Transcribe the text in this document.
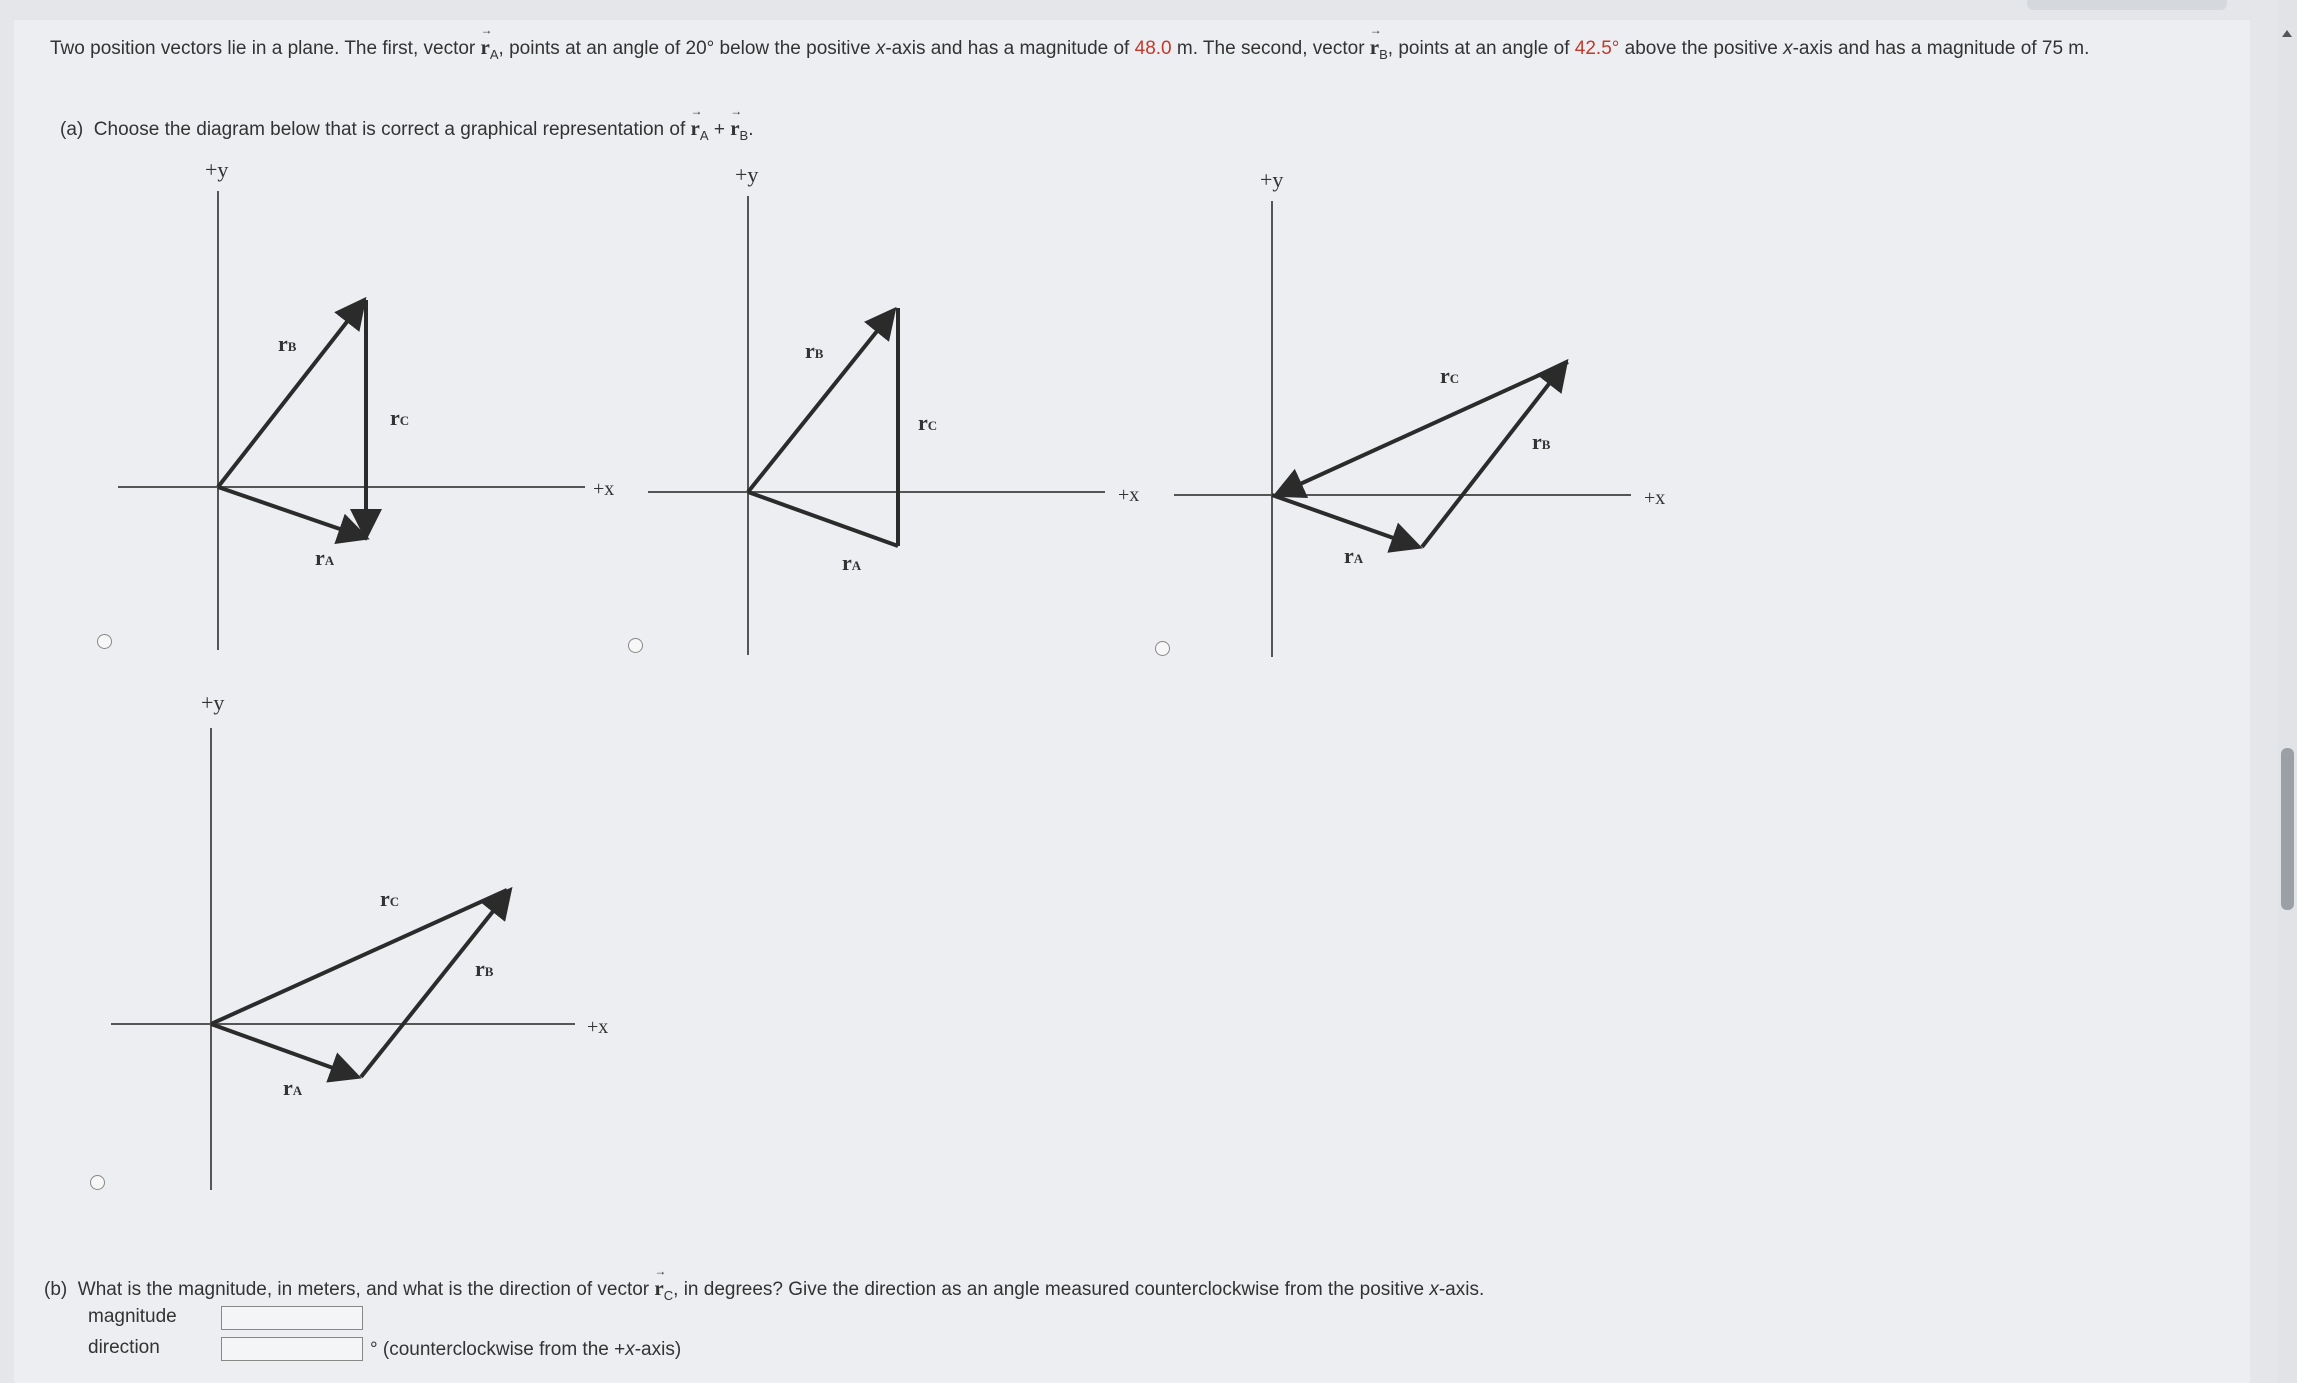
Two position vectors lie in a plane. The first, vector → $r_A$, points at an angle of 20° below the positive x-axis and has a magnitude of 48.0 m. The second, vector → $r_B$, points at an angle of 42.5° above the positive x-axis and has a magnitude of 75 m.
(a) Choose the diagram below that is correct a graphical representation of → $r_A$ + → $r_B$.
+y
+x
rB
rC
rA
+y
+x
rB
rC
rA
+y
+x
rC
rB
rA
+y
+x
rC
rB
rA
(b) What is the magnitude, in meters, and what is the direction of vector → $r_C$, in degrees? Give the direction as an angle measured counterclockwise from the positive x-axis.
magnitude
direction	° (counterclockwise from the +x-axis)
